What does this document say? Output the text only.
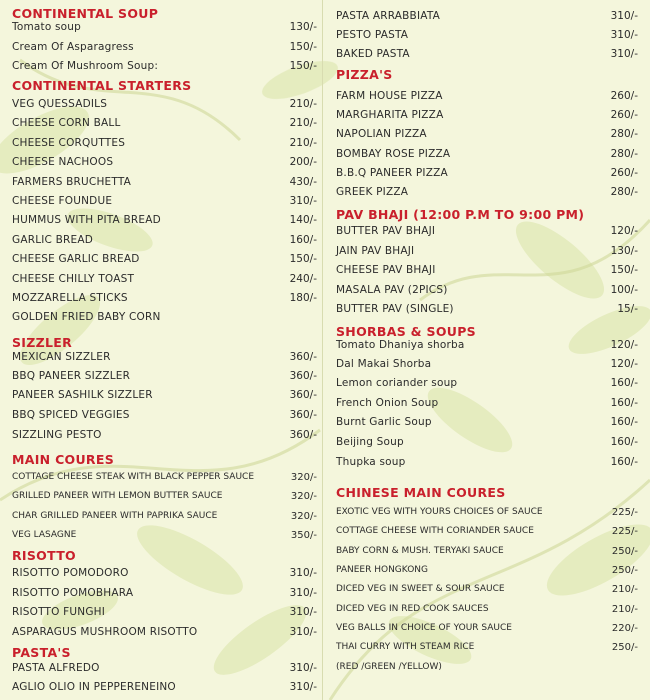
CONTINENTAL SOUP
Tomato soup	130/-
Cream Of Asparagress	150/-
Cream Of Mushroom Soup:	150/-
CONTINENTAL STARTERS
VEG QUESSADILS	210/-
CHEESE CORN BALL	210/-
CHEESE CORQUTTES	210/-
CHEESE NACHOOS	200/-
FARMERS BRUCHETTA	430/-
CHEESE FOUNDUE	310/-
HUMMUS WITH PITA BREAD	140/-
GARLIC BREAD	160/-
CHEESE GARLIC BREAD	150/-
CHEESE CHILLY TOAST	240/-
MOZZARELLA STICKS	180/-
GOLDEN FRIED BABY CORN
SIZZLER
MEXICAN SIZZLER	360/-
BBQ PANEER SIZZLER	360/-
PANEER SASHILK SIZZLER	360/-
BBQ SPICED VEGGIES	360/-
SIZZLING PESTO	360/-
MAIN COURES
COTTAGE CHEESE STEAK WITH BLACK PEPPER SAUCE	320/-
GRILLED PANEER WITH LEMON BUTTER SAUCE	320/-
CHAR GRILLED PANEER WITH PAPRIKA SAUCE	320/-
VEG LASAGNE	350/-
RISOTTO
RISOTTO POMODORO	310/-
RISOTTO POMOBHARA	310/-
RISOTTO FUNGHI	310/-
ASPARAGUS MUSHROOM RISOTTO	310/-
PASTA'S
PASTA ALFREDO	310/-
AGLIO OLIO IN PEPPERENEINO	310/-
PASTA ARRABBIATA	310/-
PESTO PASTA	310/-
BAKED PASTA	310/-
PIZZA'S
FARM HOUSE PIZZA	260/-
MARGHARITA PIZZA	260/-
NAPOLIAN PIZZA	280/-
BOMBAY ROSE PIZZA	280/-
B.B.Q PANEER PIZZA	260/-
GREEK PIZZA	280/-
PAV BHAJI (12:00 P.M TO 9:00 PM)
BUTTER PAV BHAJI	120/-
JAIN PAV BHAJI	130/-
CHEESE PAV BHAJI	150/-
MASALA PAV (2PICS)	100/-
BUTTER PAV (SINGLE)	15/-
SHORBAS & SOUPS
Tomato Dhaniya shorba	120/-
Dal Makai Shorba	120/-
Lemon coriander soup	160/-
French Onion Soup	160/-
Burnt Garlic Soup	160/-
Beijing Soup	160/-
Thupka soup	160/-
CHINESE MAIN COURES
EXOTIC VEG WITH YOURS CHOICES OF SAUCE	225/-
COTTAGE CHEESE WITH CORIANDER SAUCE	225/-
BABY CORN & MUSH. TERYAKI SAUCE	250/-
PANEER HONGKONG	250/-
DICED VEG IN SWEET & SOUR SAUCE	210/-
DICED VEG IN RED COOK SAUCES	210/-
VEG BALLS IN CHOICE OF YOUR SAUCE	220/-
THAI CURRY WITH STEAM RICE	250/-
(RED /GREEN /YELLOW)
